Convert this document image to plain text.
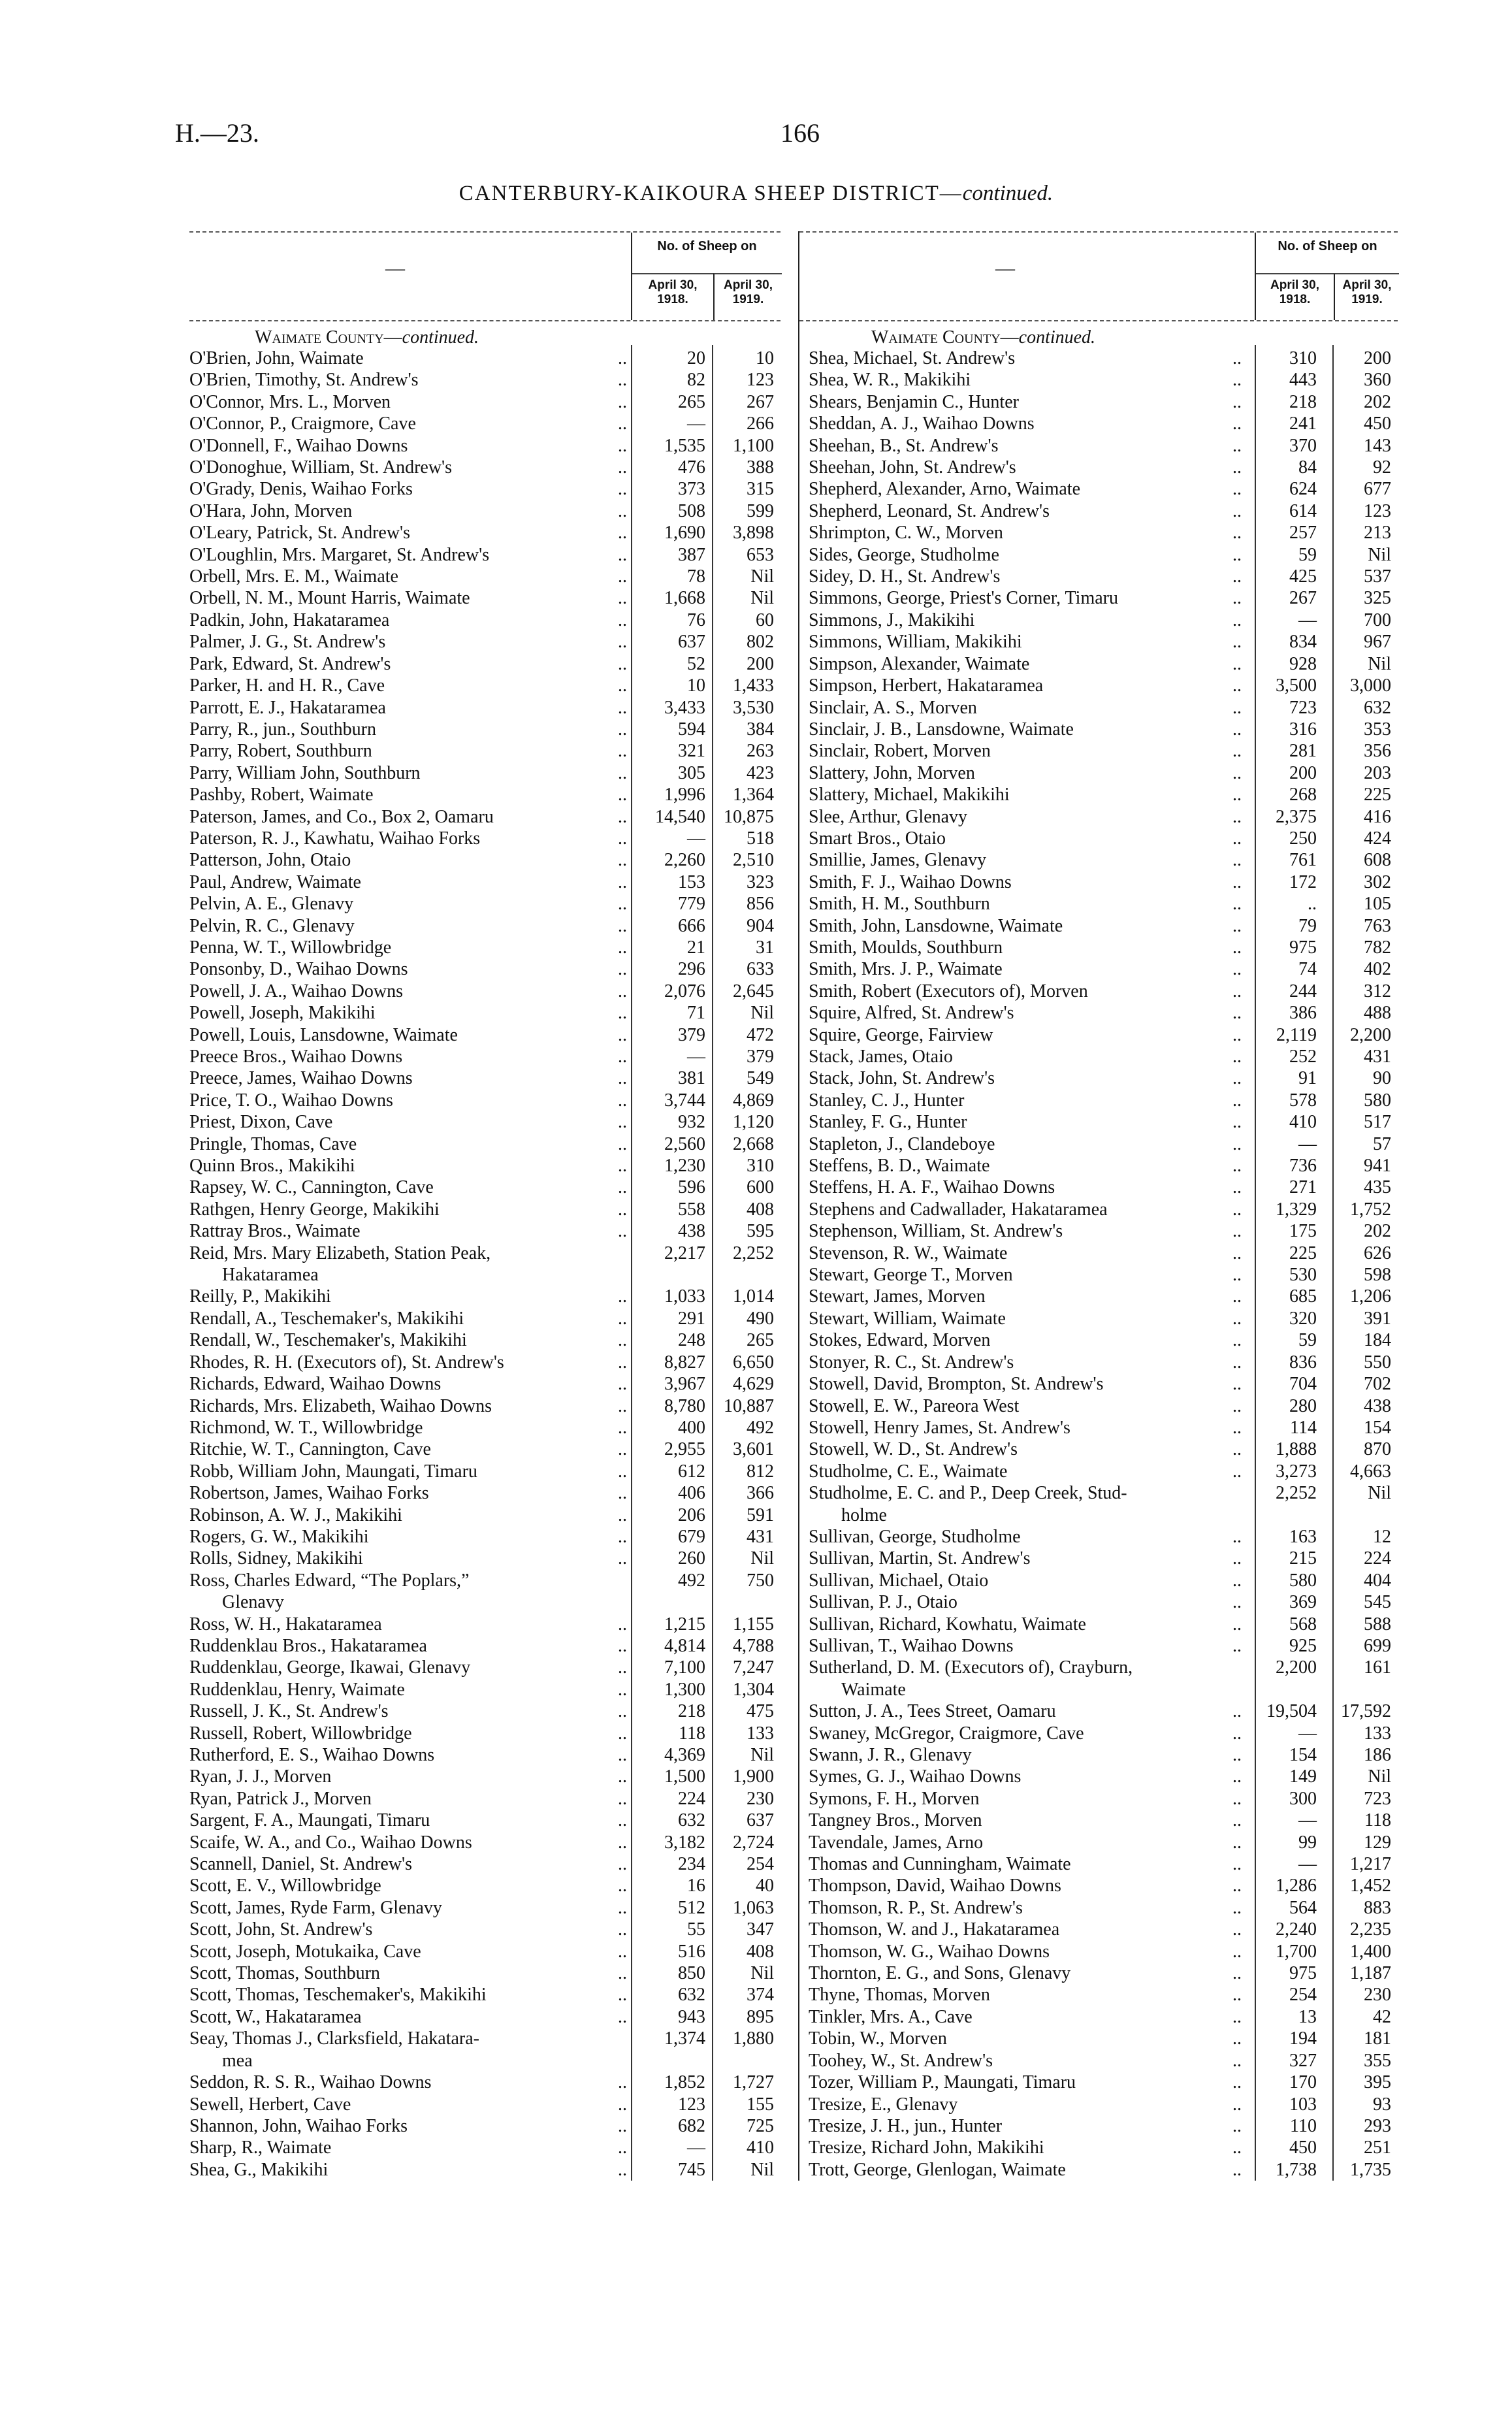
H.—23.	166
CANTERBURY-KAIKOURA SHEEP DISTRICT—continued.
—
No. of Sheep on
April 30, 1918.
April 30, 1919.
Waimate County—continued.
O'Brien, John, Waimate	..	20	10
O'Brien, Timothy, St. Andrew's	..	82	123
O'Connor, Mrs. L., Morven	..	265	267
O'Connor, P., Craigmore, Cave	..	—	266
O'Donnell, F., Waihao Downs	..	1,535	1,100
O'Donoghue, William, St. Andrew's	..	476	388
O'Grady, Denis, Waihao Forks	..	373	315
O'Hara, John, Morven	..	508	599
O'Leary, Patrick, St. Andrew's	..	1,690	3,898
O'Loughlin, Mrs. Margaret, St. Andrew's	..	387	653
Orbell, Mrs. E. M., Waimate	..	78	Nil
Orbell, N. M., Mount Harris, Waimate	..	1,668	Nil
Padkin, John, Hakataramea	..	76	60
Palmer, J. G., St. Andrew's	..	637	802
Park, Edward, St. Andrew's	..	52	200
Parker, H. and H. R., Cave	..	10	1,433
Parrott, E. J., Hakataramea	..	3,433	3,530
Parry, R., jun., Southburn	..	594	384
Parry, Robert, Southburn	..	321	263
Parry, William John, Southburn	..	305	423
Pashby, Robert, Waimate	..	1,996	1,364
Paterson, James, and Co., Box 2, Oamaru	..	14,540	10,875
Paterson, R. J., Kawhatu, Waihao Forks	..	—	518
Patterson, John, Otaio	..	2,260	2,510
Paul, Andrew, Waimate	..	153	323
Pelvin, A. E., Glenavy	..	779	856
Pelvin, R. C., Glenavy	..	666	904
Penna, W. T., Willowbridge	..	21	31
Ponsonby, D., Waihao Downs	..	296	633
Powell, J. A., Waihao Downs	..	2,076	2,645
Powell, Joseph, Makikihi	..	71	Nil
Powell, Louis, Lansdowne, Waimate	..	379	472
Preece Bros., Waihao Downs	..	—	379
Preece, James, Waihao Downs	..	381	549
Price, T. O., Waihao Downs	..	3,744	4,869
Priest, Dixon, Cave	..	932	1,120
Pringle, Thomas, Cave	..	2,560	2,668
Quinn Bros., Makikihi	..	1,230	310
Rapsey, W. C., Cannington, Cave	..	596	600
Rathgen, Henry George, Makikihi	..	558	408
Rattray Bros., Waimate	..	438	595
Reid, Mrs. Mary Elizabeth, Station Peak,
Hakataramea
2,217	2,252
Reilly, P., Makikihi	..	1,033	1,014
Rendall, A., Teschemaker's, Makikihi	..	291	490
Rendall, W., Teschemaker's, Makikihi	..	248	265
Rhodes, R. H. (Executors of), St. Andrew's	..	8,827	6,650
Richards, Edward, Waihao Downs	..	3,967	4,629
Richards, Mrs. Elizabeth, Waihao Downs	..	8,780	10,887
Richmond, W. T., Willowbridge	..	400	492
Ritchie, W. T., Cannington, Cave	..	2,955	3,601
Robb, William John, Maungati, Timaru	..	612	812
Robertson, James, Waihao Forks	..	406	366
Robinson, A. W. J., Makikihi	..	206	591
Rogers, G. W., Makikihi	..	679	431
Rolls, Sidney, Makikihi	..	260	Nil
Ross, Charles Edward, “The Poplars,”
Glenavy
492	750
Ross, W. H., Hakataramea	..	1,215	1,155
Ruddenklau Bros., Hakataramea	..	4,814	4,788
Ruddenklau, George, Ikawai, Glenavy	..	7,100	7,247
Ruddenklau, Henry, Waimate	..	1,300	1,304
Russell, J. K., St. Andrew's	..	218	475
Russell, Robert, Willowbridge	..	118	133
Rutherford, E. S., Waihao Downs	..	4,369	Nil
Ryan, J. J., Morven	..	1,500	1,900
Ryan, Patrick J., Morven	..	224	230
Sargent, F. A., Maungati, Timaru	..	632	637
Scaife, W. A., and Co., Waihao Downs	..	3,182	2,724
Scannell, Daniel, St. Andrew's	..	234	254
Scott, E. V., Willowbridge	..	16	40
Scott, James, Ryde Farm, Glenavy	..	512	1,063
Scott, John, St. Andrew's	..	55	347
Scott, Joseph, Motukaika, Cave	..	516	408
Scott, Thomas, Southburn	..	850	Nil
Scott, Thomas, Teschemaker's, Makikihi	..	632	374
Scott, W., Hakataramea	..	943	895
Seay, Thomas J., Clarksfield, Hakatara-
mea
1,374	1,880
Seddon, R. S. R., Waihao Downs	..	1,852	1,727
Sewell, Herbert, Cave	..	123	155
Shannon, John, Waihao Forks	..	682	725
Sharp, R., Waimate	..	—	410
Shea, G., Makikihi	..	745	Nil
—
No. of Sheep on
April 30, 1918.
April 30, 1919.
Waimate County—continued.
Shea, Michael, St. Andrew's	..	310	200
Shea, W. R., Makikihi	..	443	360
Shears, Benjamin C., Hunter	..	218	202
Sheddan, A. J., Waihao Downs	..	241	450
Sheehan, B., St. Andrew's	..	370	143
Sheehan, John, St. Andrew's	..	84	92
Shepherd, Alexander, Arno, Waimate	..	624	677
Shepherd, Leonard, St. Andrew's	..	614	123
Shrimpton, C. W., Morven	..	257	213
Sides, George, Studholme	..	59	Nil
Sidey, D. H., St. Andrew's	..	425	537
Simmons, George, Priest's Corner, Timaru	..	267	325
Simmons, J., Makikihi	..	—	700
Simmons, William, Makikihi	..	834	967
Simpson, Alexander, Waimate	..	928	Nil
Simpson, Herbert, Hakataramea	..	3,500	3,000
Sinclair, A. S., Morven	..	723	632
Sinclair, J. B., Lansdowne, Waimate	..	316	353
Sinclair, Robert, Morven	..	281	356
Slattery, John, Morven	..	200	203
Slattery, Michael, Makikihi	..	268	225
Slee, Arthur, Glenavy	..	2,375	416
Smart Bros., Otaio	..	250	424
Smillie, James, Glenavy	..	761	608
Smith, F. J., Waihao Downs	..	172	302
Smith, H. M., Southburn	..	..	105
Smith, John, Lansdowne, Waimate	..	79	763
Smith, Moulds, Southburn	..	975	782
Smith, Mrs. J. P., Waimate	..	74	402
Smith, Robert (Executors of), Morven	..	244	312
Squire, Alfred, St. Andrew's	..	386	488
Squire, George, Fairview	..	2,119	2,200
Stack, James, Otaio	..	252	431
Stack, John, St. Andrew's	..	91	90
Stanley, C. J., Hunter	..	578	580
Stanley, F. G., Hunter	..	410	517
Stapleton, J., Clandeboye	..	—	57
Steffens, B. D., Waimate	..	736	941
Steffens, H. A. F., Waihao Downs	..	271	435
Stephens and Cadwallader, Hakataramea	..	1,329	1,752
Stephenson, William, St. Andrew's	..	175	202
Stevenson, R. W., Waimate	..	225	626
Stewart, George T., Morven	..	530	598
Stewart, James, Morven	..	685	1,206
Stewart, William, Waimate	..	320	391
Stokes, Edward, Morven	..	59	184
Stonyer, R. C., St. Andrew's	..	836	550
Stowell, David, Brompton, St. Andrew's	..	704	702
Stowell, E. W., Pareora West	..	280	438
Stowell, Henry James, St. Andrew's	..	114	154
Stowell, W. D., St. Andrew's	..	1,888	870
Studholme, C. E., Waimate	..	3,273	4,663
Studholme, E. C. and P., Deep Creek, Stud-
holme
2,252	Nil
Sullivan, George, Studholme	..	163	12
Sullivan, Martin, St. Andrew's	..	215	224
Sullivan, Michael, Otaio	..	580	404
Sullivan, P. J., Otaio	..	369	545
Sullivan, Richard, Kowhatu, Waimate	..	568	588
Sullivan, T., Waihao Downs	..	925	699
Sutherland, D. M. (Executors of), Crayburn,
Waimate
2,200	161
Sutton, J. A., Tees Street, Oamaru	..	19,504	17,592
Swaney, McGregor, Craigmore, Cave	..	—	133
Swann, J. R., Glenavy	..	154	186
Symes, G. J., Waihao Downs	..	149	Nil
Symons, F. H., Morven	..	300	723
Tangney Bros., Morven	..	—	118
Tavendale, James, Arno	..	99	129
Thomas and Cunningham, Waimate	..	—	1,217
Thompson, David, Waihao Downs	..	1,286	1,452
Thomson, R. P., St. Andrew's	..	564	883
Thomson, W. and J., Hakataramea	..	2,240	2,235
Thomson, W. G., Waihao Downs	..	1,700	1,400
Thornton, E. G., and Sons, Glenavy	..	975	1,187
Thyne, Thomas, Morven	..	254	230
Tinkler, Mrs. A., Cave	..	13	42
Tobin, W., Morven	..	194	181
Toohey, W., St. Andrew's	..	327	355
Tozer, William P., Maungati, Timaru	..	170	395
Tresize, E., Glenavy	..	103	93
Tresize, J. H., jun., Hunter	..	110	293
Tresize, Richard John, Makikihi	..	450	251
Trott, George, Glenlogan, Waimate	..	1,738	1,735
